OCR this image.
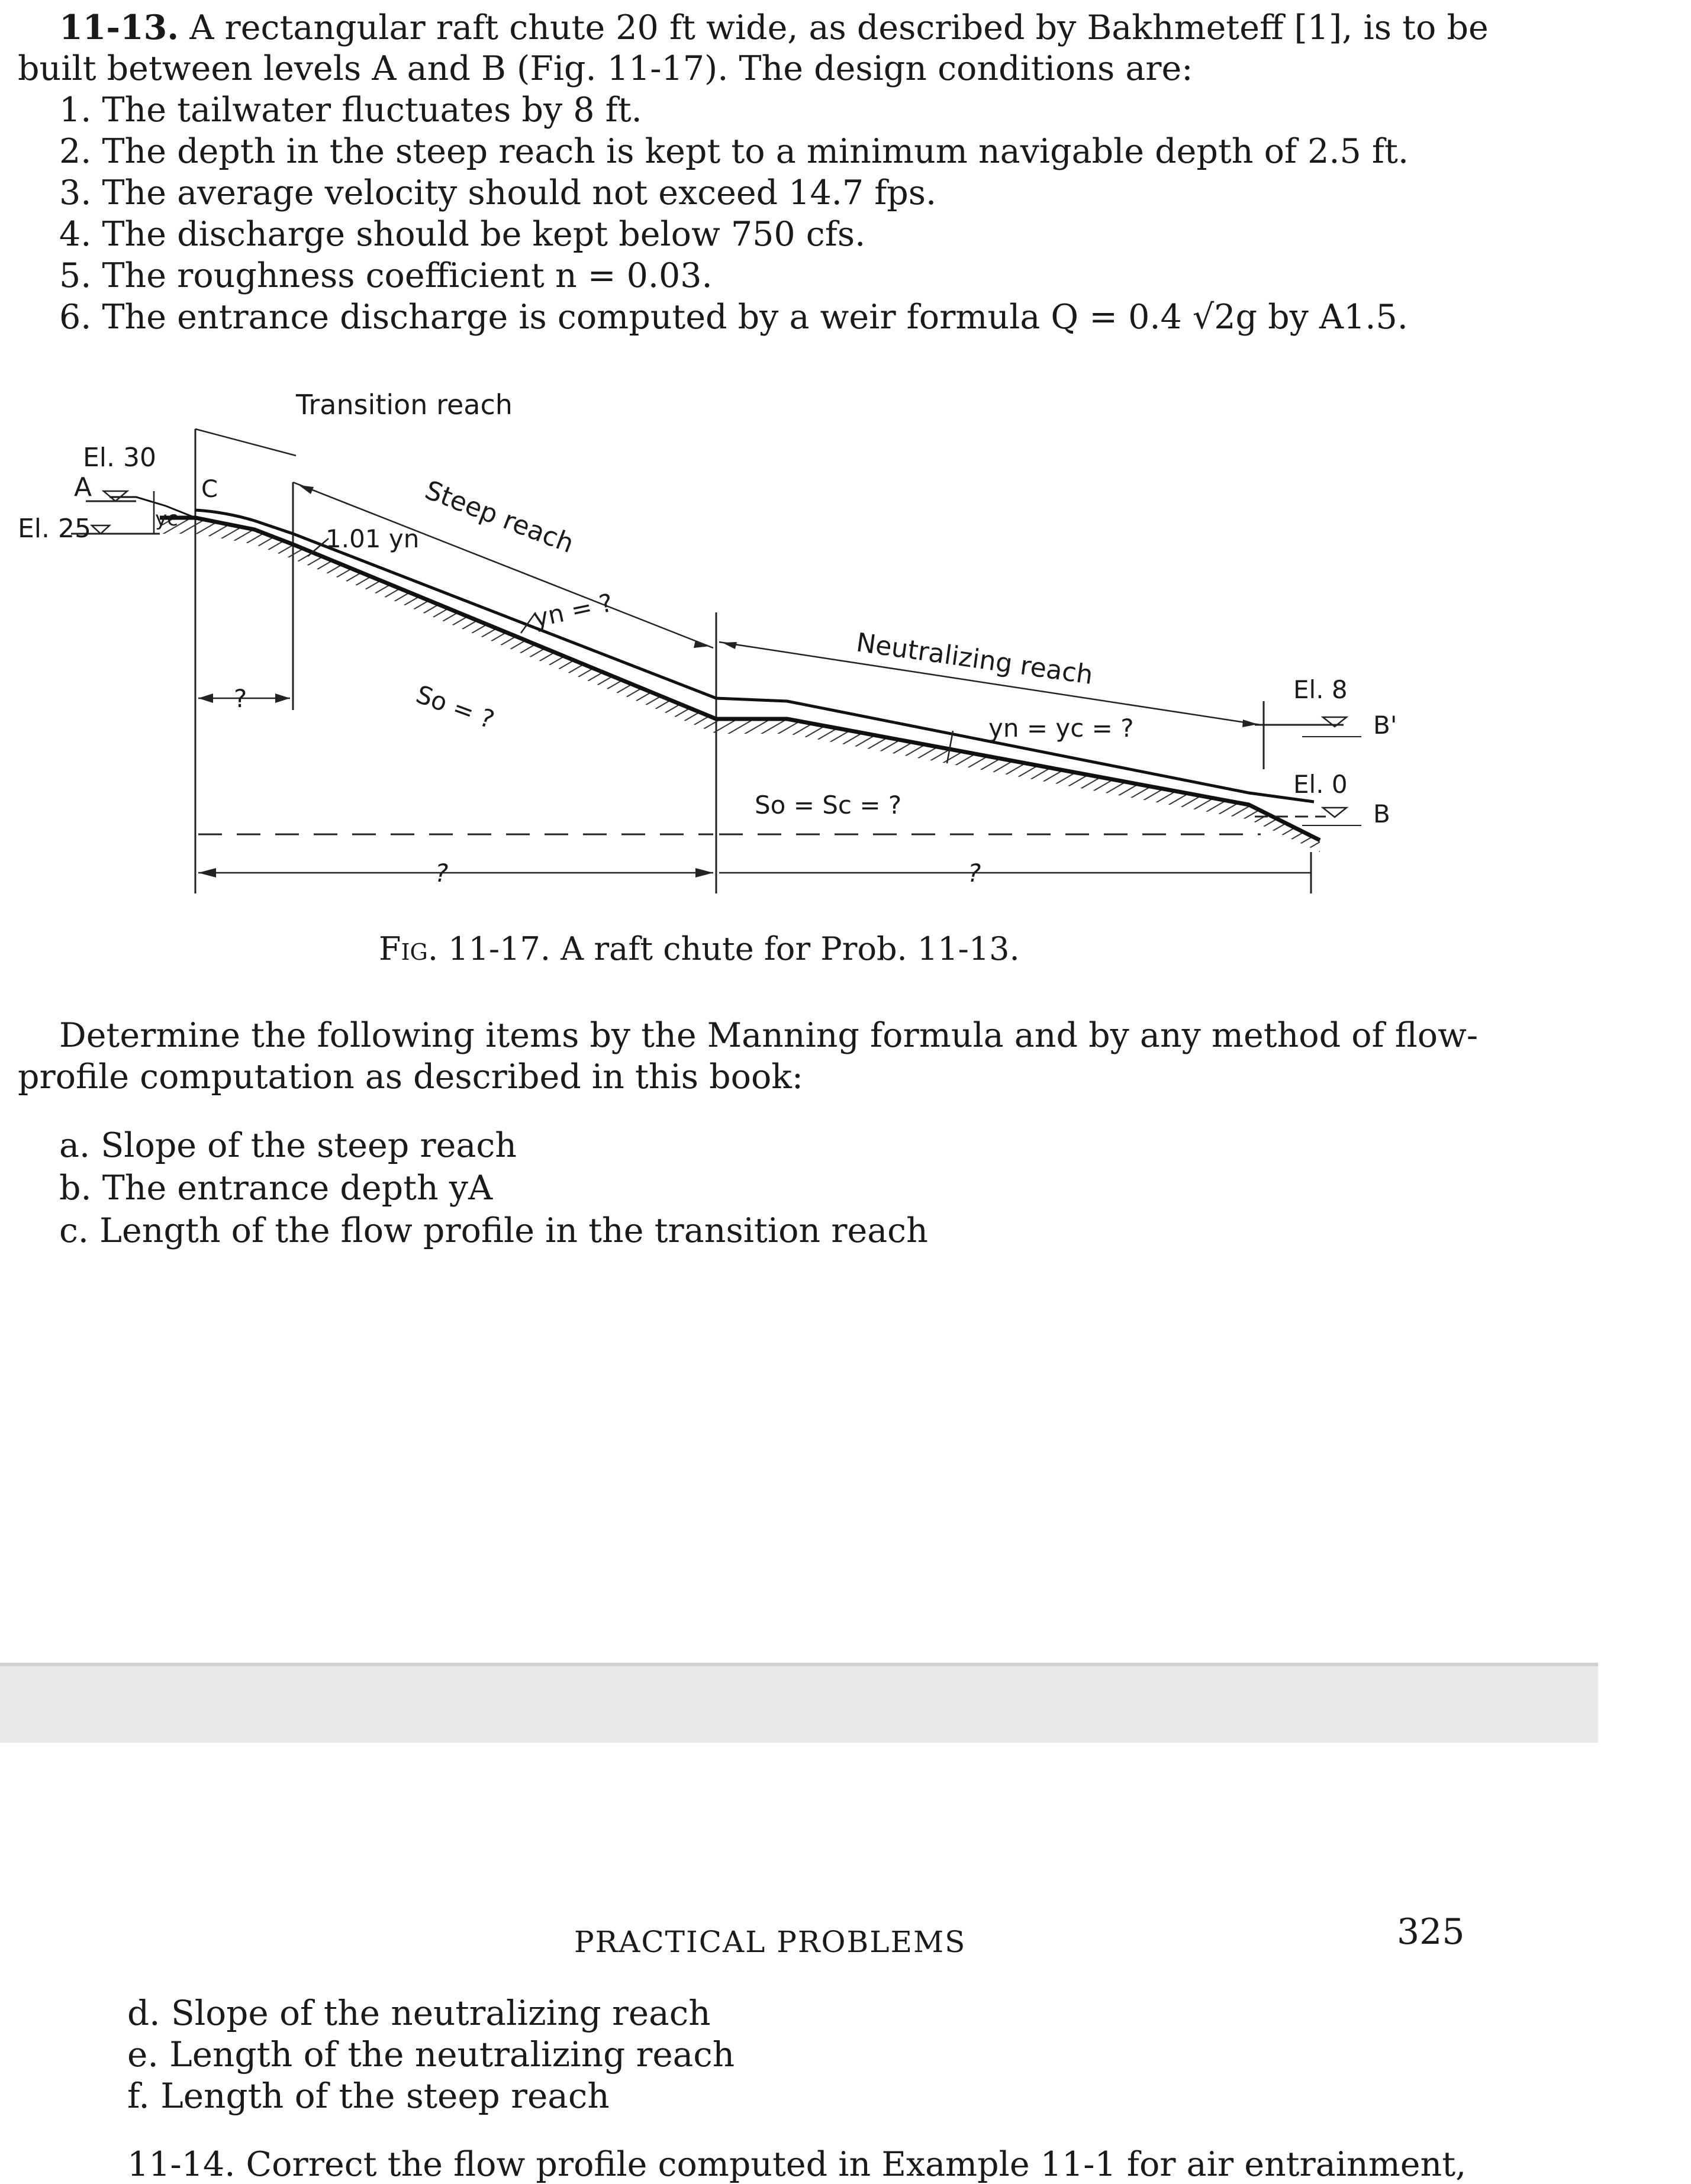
11-13. A rectangular raft chute 20 ft wide, as described by Bakhmeteff [1], is to be
built between levels A and B (Fig. 11-17). The design conditions are:
1. The tailwater fluctuates by 8 ft.
2. The depth in the steep reach is kept to a minimum navigable depth of 2.5 ft.
3. The average velocity should not exceed 14.7 fps.
4. The discharge should be kept below 750 cfs.
5. The roughness coefficient n = 0.03.
6. The entrance discharge is computed by a weir formula Q = 0.4 √2g by A1.5.
Transition reach
Steep reach
Neutralizing reach
El. 30
A
El. 25
C
yc
1.01 yn
yn = ?
So = ?	yn = yc = ?
So = Sc = ?
El. 8
B'
El. 0
B
?
?	?
Fig. 11-17. A raft chute for Prob. 11-13.
Determine the following items by the Manning formula and by any method of flow-
profile computation as described in this book:
a. Slope of the steep reach
b. The entrance depth yA
c. Length of the flow profile in the transition reach
PRACTICAL PROBLEMS	325
d. Slope of the neutralizing reach
e. Length of the neutralizing reach
f. Length of the steep reach
11-14. Correct the flow profile computed in Example 11-1 for air entrainment,
